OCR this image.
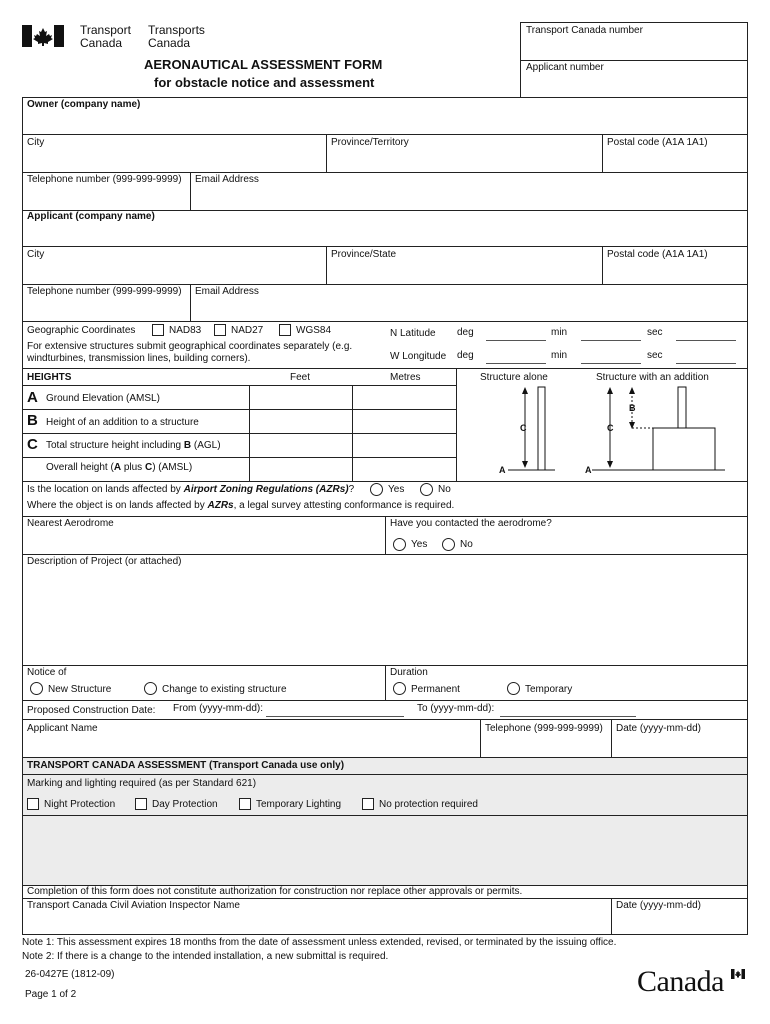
Transport
Canada
Transports
Canada
AERONAUTICAL ASSESSMENT FORM
for obstacle notice and assessment
Transport Canada number
Applicant number
Owner (company name)
City	Province/Territory	Postal code (A1A 1A1)
Telephone number (999-999-9999) Email Address
Applicant (company name)
City	Province/State	Postal code (A1A 1A1)
Telephone number (999-999-9999) Email Address
Geographic Coordinates	NAD83	NAD27	WGS84
For extensive structures submit geographical coordinates separately (e.g.
windturbines, transmission lines, building corners).
N Latitude deg	min	sec
W Longitude deg	min	sec
HEIGHTS	Feet	Metres	Structure alone	Structure with an addition
A Ground Elevation (AMSL)
B Height of an addition to a structure
C Total structure height including B (AGL)
Overall height (A plus C) (AMSL)
C
A
B
C
A
Is the location on lands affected by Airport Zoning Regulations (AZRs)?	Yes	No
Where the object is on lands affected by AZRs, a legal survey attesting conformance is required.
Nearest Aerodrome	Have you contacted the aerodrome?
Yes	No
Description of Project (or attached)
Notice of
New Structure	Change to existing structure
Duration
Permanent	Temporary
Proposed Construction Date: From (yyyy-mm-dd):	To (yyyy-mm-dd):
Applicant Name	Telephone (999-999-9999) Date (yyyy-mm-dd)
TRANSPORT CANADA ASSESSMENT (Transport Canada use only)
Marking and lighting required (as per Standard 621)
Night Protection	Day Protection	Temporary Lighting	No protection required
Completion of this form does not constitute authorization for construction nor replace other approvals or permits.
Transport Canada Civil Aviation Inspector Name	Date (yyyy-mm-dd)
Note 1: This assessment expires 18 months from the date of assessment unless extended, revised, or terminated by the issuing office.
Note 2: If there is a change to the intended installation, a new submittal is required.
26-0427E (1812-09)
Page 1 of 2	Canada
